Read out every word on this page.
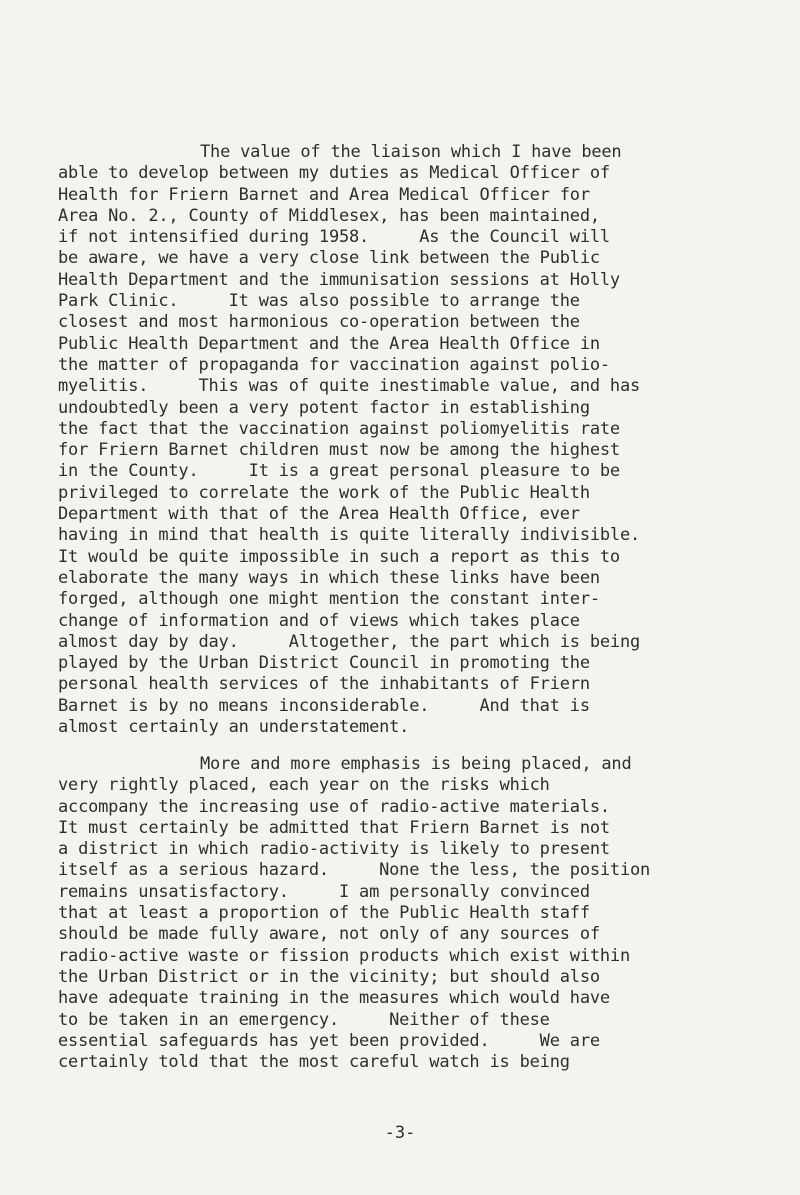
The value of the liaison which I have been
able to develop between my duties as Medical Officer of
Health for Friern Barnet and Area Medical Officer for
Area No. 2., County of Middlesex, has been maintained,
if not intensified during 1958.     As the Council will
be aware, we have a very close link between the Public
Health Department and the immunisation sessions at Holly
Park Clinic.     It was also possible to arrange the
closest and most harmonious co-operation between the
Public Health Department and the Area Health Office in
the matter of propaganda for vaccination against polio-
myelitis.     This was of quite inestimable value, and has
undoubtedly been a very potent factor in establishing
the fact that the vaccination against poliomyelitis rate
for Friern Barnet children must now be among the highest
in the County.     It is a great personal pleasure to be
privileged to correlate the work of the Public Health
Department with that of the Area Health Office, ever
having in mind that health is quite literally indivisible.
It would be quite impossible in such a report as this to
elaborate the many ways in which these links have been
forged, although one might mention the constant inter-
change of information and of views which takes place
almost day by day.     Altogether, the part which is being
played by the Urban District Council in promoting the
personal health services of the inhabitants of Friern
Barnet is by no means inconsiderable.     And that is
almost certainly an understatement.
More and more emphasis is being placed, and
very rightly placed, each year on the risks which
accompany the increasing use of radio-active materials.
It must certainly be admitted that Friern Barnet is not
a district in which radio-activity is likely to present
itself as a serious hazard.     None the less, the position
remains unsatisfactory.     I am personally convinced
that at least a proportion of the Public Health staff
should be made fully aware, not only of any sources of
radio-active waste or fission products which exist within
the Urban District or in the vicinity; but should also
have adequate training in the measures which would have
to be taken in an emergency.     Neither of these
essential safeguards has yet been provided.     We are
certainly told that the most careful watch is being
-3-
